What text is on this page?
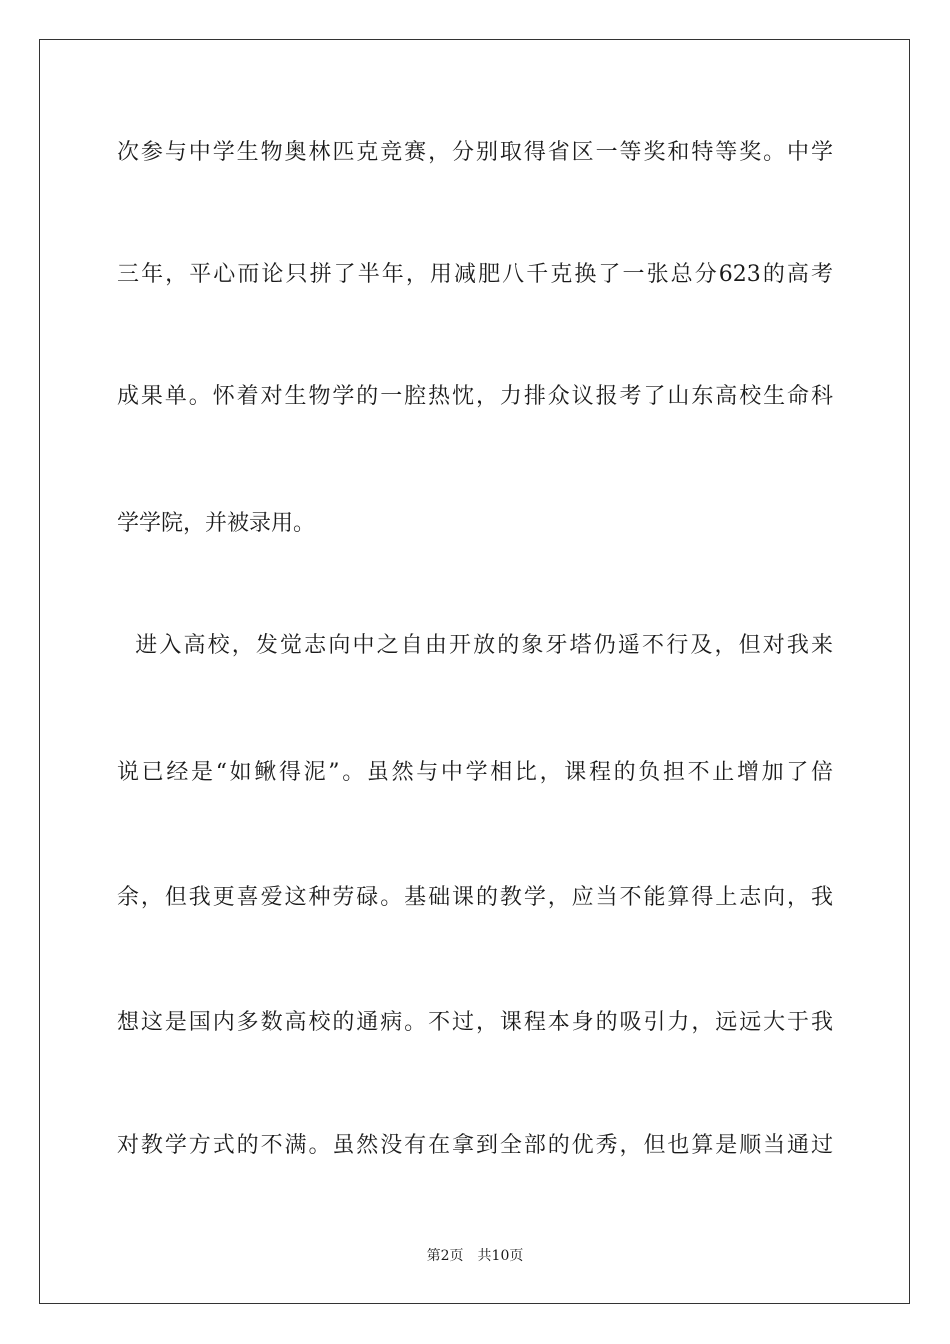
次参与中学生物奥林匹克竞赛，分别取得省区一等奖和特等奖。中学
三年，平心而论只拼了半年，用减肥八千克换了一张总分623的高考
成果单。怀着对生物学的一腔热忱，力排众议报考了山东高校生命科
学学院，并被录用。
进入高校，发觉志向中之自由开放的象牙塔仍遥不行及，但对我来
说已经是“如鳅得泥”。虽然与中学相比，课程的负担不止增加了倍
余，但我更喜爱这种劳碌。基础课的教学，应当不能算得上志向，我
想这是国内多数高校的通病。不过，课程本身的吸引力，远远大于我
对教学方式的不满。虽然没有在拿到全部的优秀，但也算是顺当通过
第2页 共10页
